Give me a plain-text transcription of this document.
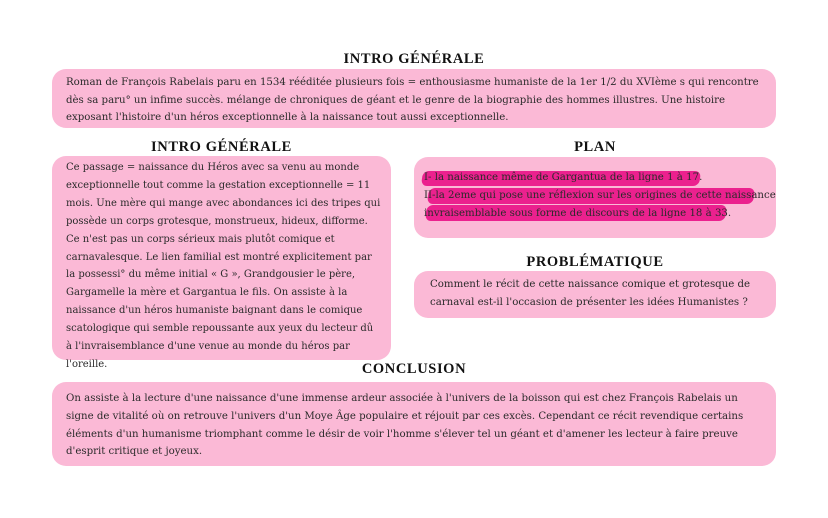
INTRO GÉNÉRALE

Roman de François Rabelais paru en 1534 rééditée plusieurs fois = enthousiasme humaniste de la 1er 1/2 du XVIème s qui rencontre dès sa paru° un infime succès. mélange de chroniques de géant et le genre de la biographie des hommes illustres. Une histoire exposant l'histoire d'un héros exceptionnelle à la naissance tout aussi exceptionnelle.

INTRO GÉNÉRALE

Ce passage = naissance du Héros avec sa venu au monde exceptionnelle tout comme la gestation exceptionnelle = 11 mois. Une mère qui mange avec abondances ici des tripes qui possède un corps grotesque, monstrueux, hideux, difforme. Ce n'est pas un corps sérieux mais plutôt comique et carnavalesque. Le lien familial est montré explicitement par la possessi° du même initial « G », Grandgousier le père, Gargamelle la mère et Gargantua le fils. On assiste à la naissance d'un héros humaniste baignant dans le comique scatologique qui semble repoussante aux yeux du lecteur dû à l'invraisemblance d'une venue au monde du héros par l'oreille.

PLAN
I- la naissance même de Gargantua de la ligne 1 à 17.
II-la 2eme qui pose une réflexion sur les origines de cette naissance
invraisemblable sous forme de discours de la ligne 18 à 33.
PROBLÉMATIQUE

Comment le récit de cette naissance comique et grotesque de carnaval est-il l'occasion de présenter les idées Humanistes ?

CONCLUSION

On assiste à la lecture d'une naissance d'une immense ardeur associée à l'univers de la boisson qui est chez François Rabelais un signe de vitalité où on retrouve l'univers d'un Moye Âge populaire et réjouit par ces excès. Cependant ce récit revendique certains éléments d'un humanisme triomphant comme le désir de voir l'homme s'élever tel un géant et d'amener les lecteur à faire preuve d'esprit critique et joyeux.
